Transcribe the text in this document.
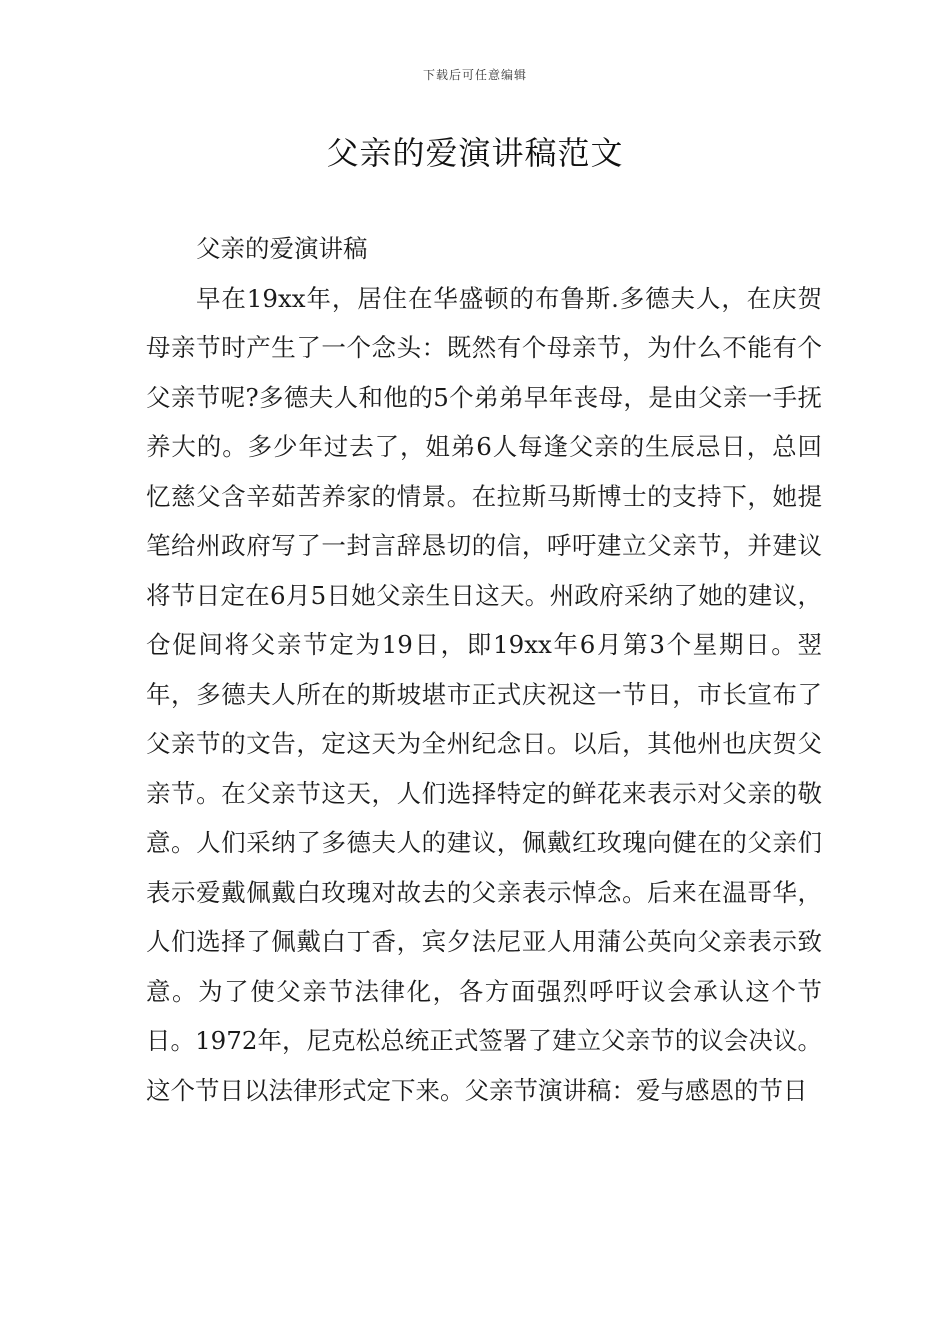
下载后可任意编辑
父亲的爱演讲稿范文

父亲的爱演讲稿

早在19xx年，居住在华盛顿的布鲁斯.多德夫人，在庆贺母亲节时产生了一个念头：既然有个母亲节，为什么不能有个父亲节呢?多德夫人和他的5个弟弟早年丧母，是由父亲一手抚养大的。多少年过去了，姐弟6人每逢父亲的生辰忌日，总回忆慈父含辛茹苦养家的情景。在拉斯马斯博士的支持下，她提笔给州政府写了一封言辞恳切的信，呼吁建立父亲节，并建议将节日定在6月5日她父亲生日这天。州政府采纳了她的建议，仓促间将父亲节定为19日，即19xx年6月第3个星期日。翌年，多德夫人所在的斯坡堪市正式庆祝这一节日，市长宣布了父亲节的文告，定这天为全州纪念日。以后，其他州也庆贺父亲节。在父亲节这天，人们选择特定的鲜花来表示对父亲的敬意。人们采纳了多德夫人的建议，佩戴红玫瑰向健在的父亲们表示爱戴佩戴白玫瑰对故去的父亲表示悼念。后来在温哥华，人们选择了佩戴白丁香，宾夕法尼亚人用蒲公英向父亲表示致意。为了使父亲节法律化，各方面强烈呼吁议会承认这个节日。1972年，尼克松总统正式签署了建立父亲节的议会决议。这个节日以法律形式定下来。父亲节演讲稿：爱与感恩的节日
